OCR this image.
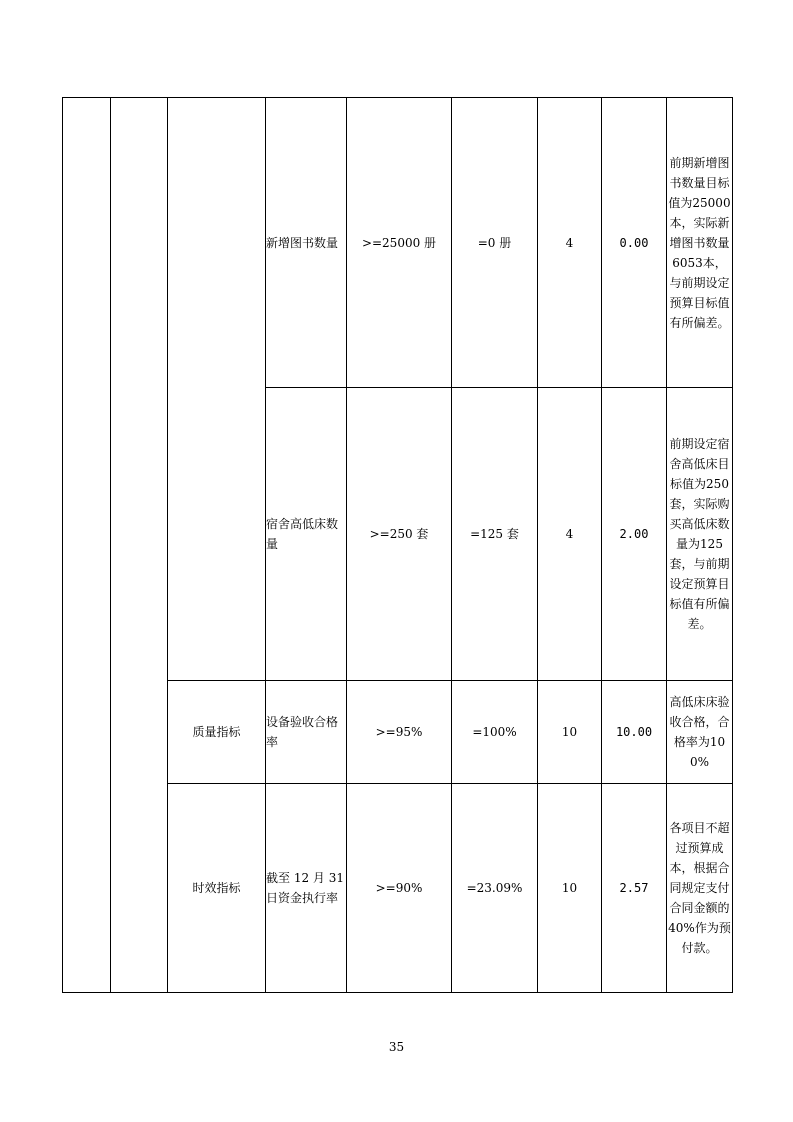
			新增图书数量	>=25000 册	=0 册	4	0.00	前期新增图书数量目标值为25000本，实际新增图书数量6053本，与前期设定预算目标值有所偏差。

			宿舍高低床数量	>=250 套	=125 套	4	2.00	前期设定宿舍高低床目标值为250套，实际购买高低床数量为125套，与前期设定预算目标值有所偏差。

		质量指标	设备验收合格率	>=95%	=100%	10	10.00	高低床床验收合格，合格率为100%

		时效指标	截至 12 月 31 日资金执行率	>=90%	=23.09%	10	2.57	各项目不超过预算成本，根据合同规定支付合同金额的 40%作为预付款。
35
